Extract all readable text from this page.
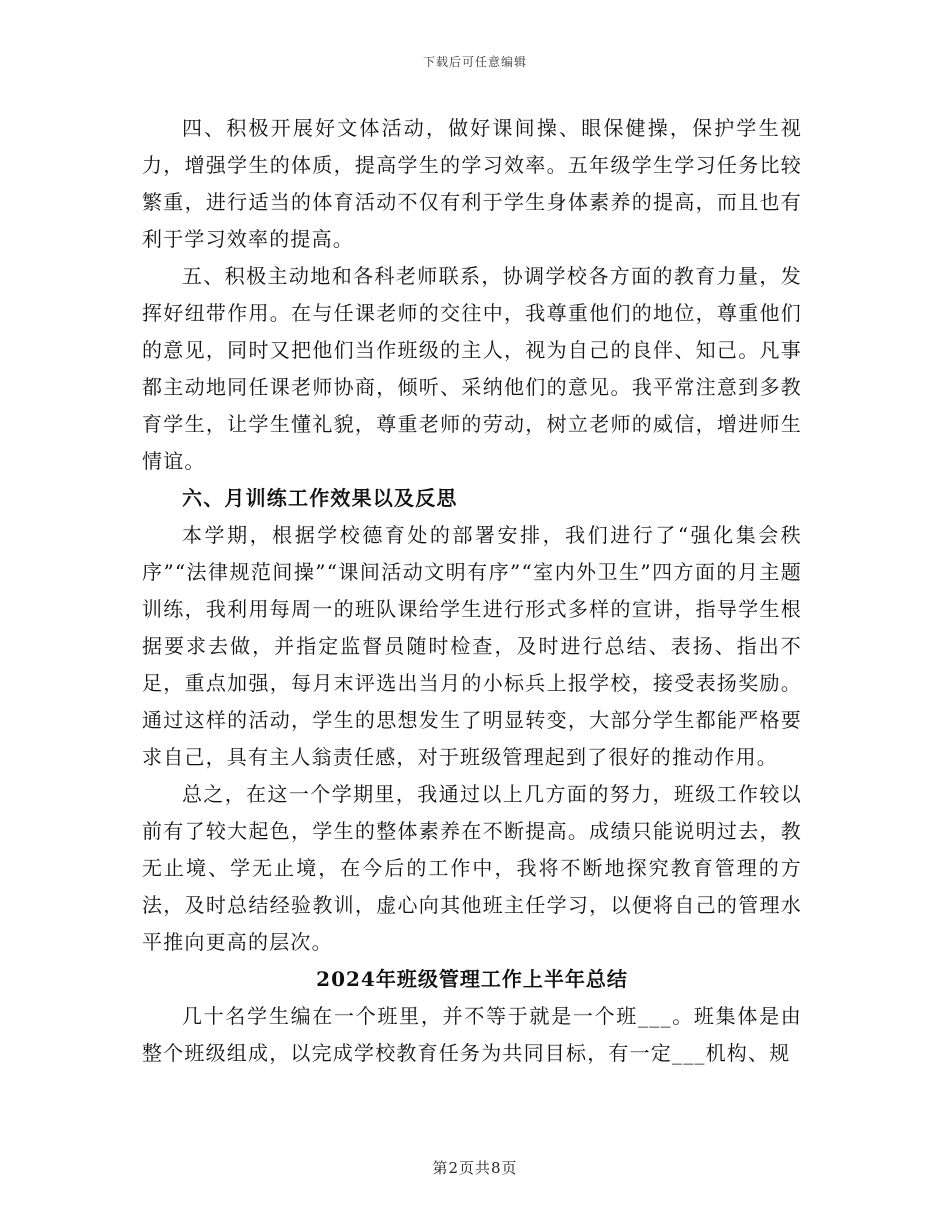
下载后可任意编辑

四、积极开展好文体活动，做好课间操、眼保健操，保护学生视力，增强学生的体质，提高学生的学习效率。五年级学生学习任务比较繁重，进行适当的体育活动不仅有利于学生身体素养的提高，而且也有利于学习效率的提高。

五、积极主动地和各科老师联系，协调学校各方面的教育力量，发挥好纽带作用。在与任课老师的交往中，我尊重他们的地位，尊重他们的意见，同时又把他们当作班级的主人，视为自己的良伴、知己。凡事都主动地同任课老师协商，倾听、采纳他们的意见。我平常注意到多教育学生，让学生懂礼貌，尊重老师的劳动，树立老师的威信，增进师生情谊。

六、月训练工作效果以及反思

本学期，根据学校德育处的部署安排，我们进行了“强化集会秩序”“法律规范间操”“课间活动文明有序”“室内外卫生”四方面的月主题训练，我利用每周一的班队课给学生进行形式多样的宣讲，指导学生根据要求去做，并指定监督员随时检查，及时进行总结、表扬、指出不足，重点加强，每月末评选出当月的小标兵上报学校，接受表扬奖励。通过这样的活动，学生的思想发生了明显转变，大部分学生都能严格要求自己，具有主人翁责任感，对于班级管理起到了很好的推动作用。

总之，在这一个学期里，我通过以上几方面的努力，班级工作较以前有了较大起色，学生的整体素养在不断提高。成绩只能说明过去，教无止境、学无止境，在今后的工作中，我将不断地探究教育管理的方法，及时总结经验教训，虚心向其他班主任学习，以便将自己的管理水平推向更高的层次。

2024年班级管理工作上半年总结

几十名学生编在一个班里，并不等于就是一个班___。班集体是由整个班级组成，以完成学校教育任务为共同目标，有一定___机构、规

第2页共8页
